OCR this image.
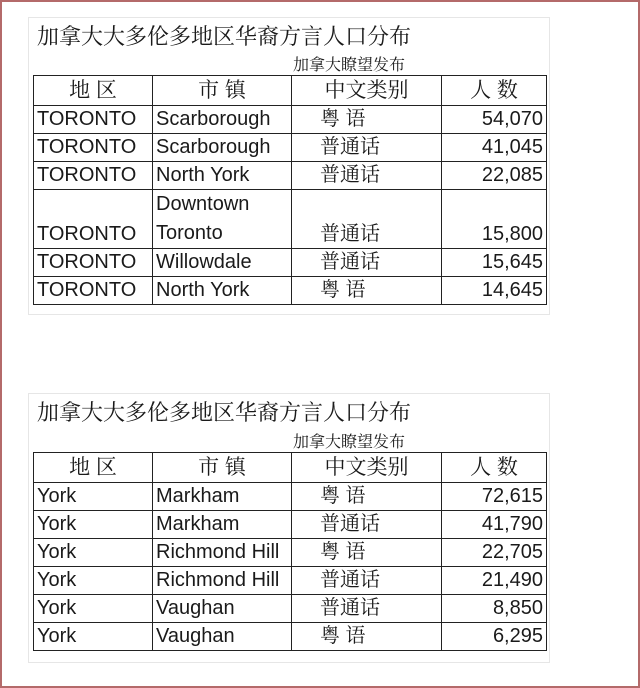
加拿大大多伦多地区华裔方言人口分布
加拿大瞭望发布
地 区	市 镇	中文类别	人 数
TORONTO	Scarborough	粤 语	54,070
TORONTO	Scarborough	普通话	41,045
TORONTO	North York	普通话	22,085
TORONTO	Downtown Toronto	普通话	15,800
TORONTO	Willowdale	普通话	15,645
TORONTO	North York	粤 语	14,645
加拿大大多伦多地区华裔方言人口分布
加拿大瞭望发布
地 区	市 镇	中文类别	人 数
York	Markham	粤 语	72,615
York	Markham	普通话	41,790
York	Richmond Hill	粤 语	22,705
York	Richmond Hill	普通话	21,490
York	Vaughan	普通话	8,850
York	Vaughan	粤 语	6,295
